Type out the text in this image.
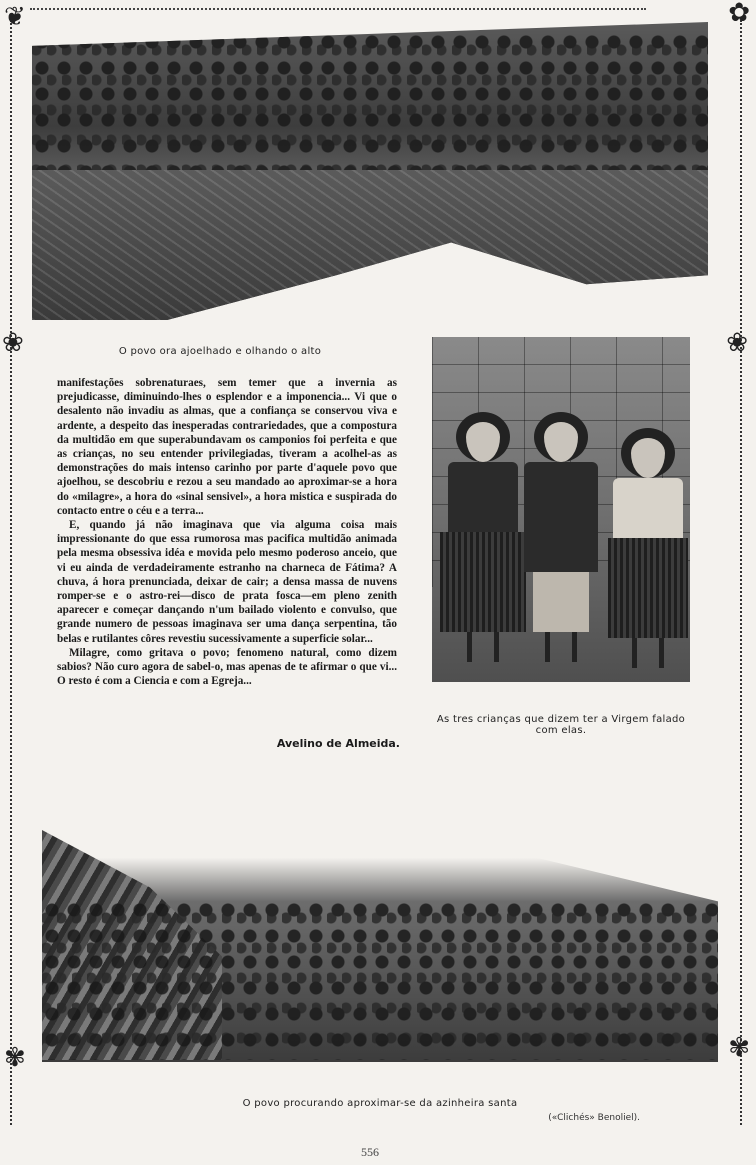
❦	✿
❀	❀
✾	✾
O povo ora ajoelhado e olhando o alto
As tres crianças que dizem ter a Virgem falado com elas.

manifestações sobrenaturaes, sem temer que a invernia as prejudicasse, diminuindo-lhes o esplendor e a imponencia... Vi que o desalento não invadiu as almas, que a confiança se conservou viva e ardente, a despeito das inesperadas contrariedades, que a compostura da multidão em que superabundavam os camponios foi perfeita e que as crianças, no seu entender privilegiadas, tiveram a acolhel-as as demonstrações do mais intenso carinho por parte d'aquele povo que ajoelhou, se descobriu e rezou a seu mandado ao aproximar-se a hora do «milagre», a hora do «sinal sensivel», a hora mistica e suspirada do contacto entre o céu e a terra...

E, quando já não imaginava que via alguma coisa mais impressionante do que essa rumorosa mas pacifica multidão animada pela mesma obsessiva idéa e movida pelo mesmo poderoso anceio, que vi eu ainda de verdadeiramente estranho na charneca de Fátima? A chuva, á hora prenunciada, deixar de cair; a densa massa de nuvens romper-se e o astro-rei—disco de prata fosca—em pleno zenith aparecer e começar dançando n'um bailado violento e convulso, que grande numero de pessoas imaginava ser uma dança serpentina, tão belas e rutilantes côres revestiu sucessivamente a superficie solar...

Milagre, como gritava o povo; fenomeno natural, como dizem sabios? Não curo agora de sabel-o, mas apenas de te afirmar o que vi... O resto é com a Ciencia e com a Egreja...

Avelino de Almeida.
O povo procurando aproximar-se da azinheira santa
(«Clichés» Benoliel).
556
